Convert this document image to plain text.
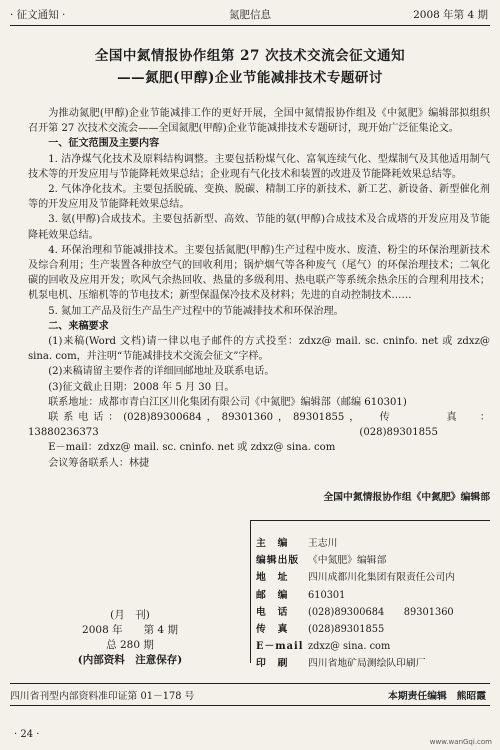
· 征文通知 ·	氮肥信息	2008 年第 4 期
全国中氮情报协作组第 27 次技术交流会征文通知
——氮肥(甲醇)企业节能减排技术专题研讨

为推动氮肥(甲醇)企业节能减排工作的更好开展，全国中氮情报协作组及《中氮肥》编辑部拟组织召开第 27 次技术交流会——全国氮肥(甲醇)企业节能减排技术专题研讨，现开始广泛征集论文。

一、征文范围及主要内容

1. 洁净煤气化技术及原料结构调整。主要包括粉煤气化、富氧连续气化、型煤制气及其他适用制气技术等的开发应用与节能降耗效果总结；企业现有气化技术和装置的改进及节能降耗效果总结等。

2. 气体净化技术。主要包括脱硫、变换、脱碳、精制工序的新技术、新工艺、新设备、新型催化剂等的开发应用及节能降耗效果总结。

3. 氨(甲醇)合成技术。主要包括新型、高效、节能的氨(甲醇)合成技术及合成塔的开发应用及节能降耗效果总结。

4. 环保治理和节能减排技术。主要包括氮肥(甲醇)生产过程中废水、废渣、粉尘的环保治理新技术及综合利用；生产装置各种放空气的回收利用；锅炉烟气等各种废气（尾气）的环保治理技术；二氧化碳的回收及应用开发；吹风气余热回收、热量的多级利用、热电联产等系统余热余压的合理利用技术；机泵电机、压缩机等的节电技术；新型保温保冷技术及材料；先进的自动控制技术……

5. 氮加工产品及衍生产品生产过程中的节能减排技术和环保治理。

二、来稿要求

(1)来稿(Word 文档)请一律以电子邮件的方式投至：zdxz@ mail. sc. cninfo. net 或 zdxz@ sina. com，并注明“节能减排技术交流会征文”字样。

(2)来稿请留主要作者的详细回邮地址及联系电话。

(3)征文截止日期：2008 年 5 月 30 日。

联系地址：成都市青白江区川化集团有限公司《中氮肥》编辑部（邮编 610301)

联系电话：(028)89300684，89301360，89301855，13880236373
传　真：(028)89301855

E－mail：zdxz@ mail. sc. cninfo. net 或 zdxz@ sina. com

会议筹备联系人：林捷

全国中氮情报协作组《中氮肥》编辑部
主　编	王志川
编辑出版 《中氮肥》编辑部
地　址	四川成都川化集团有限责任公司内
邮　编	610301
电　话	(028)89300684　　89301360
传　真	(028)89301855
E－mail zdxz@ sina. com
印　刷	四川省地矿局测绘队印刷厂
(月　刊)
2008 年　　第 4 期
总 280 期
(内部资料　注意保存)
四川省刊型内部资料准印证第 01－178 号	本期责任编辑　熊昭霞
· 24 ·
www.wanGqi.com
